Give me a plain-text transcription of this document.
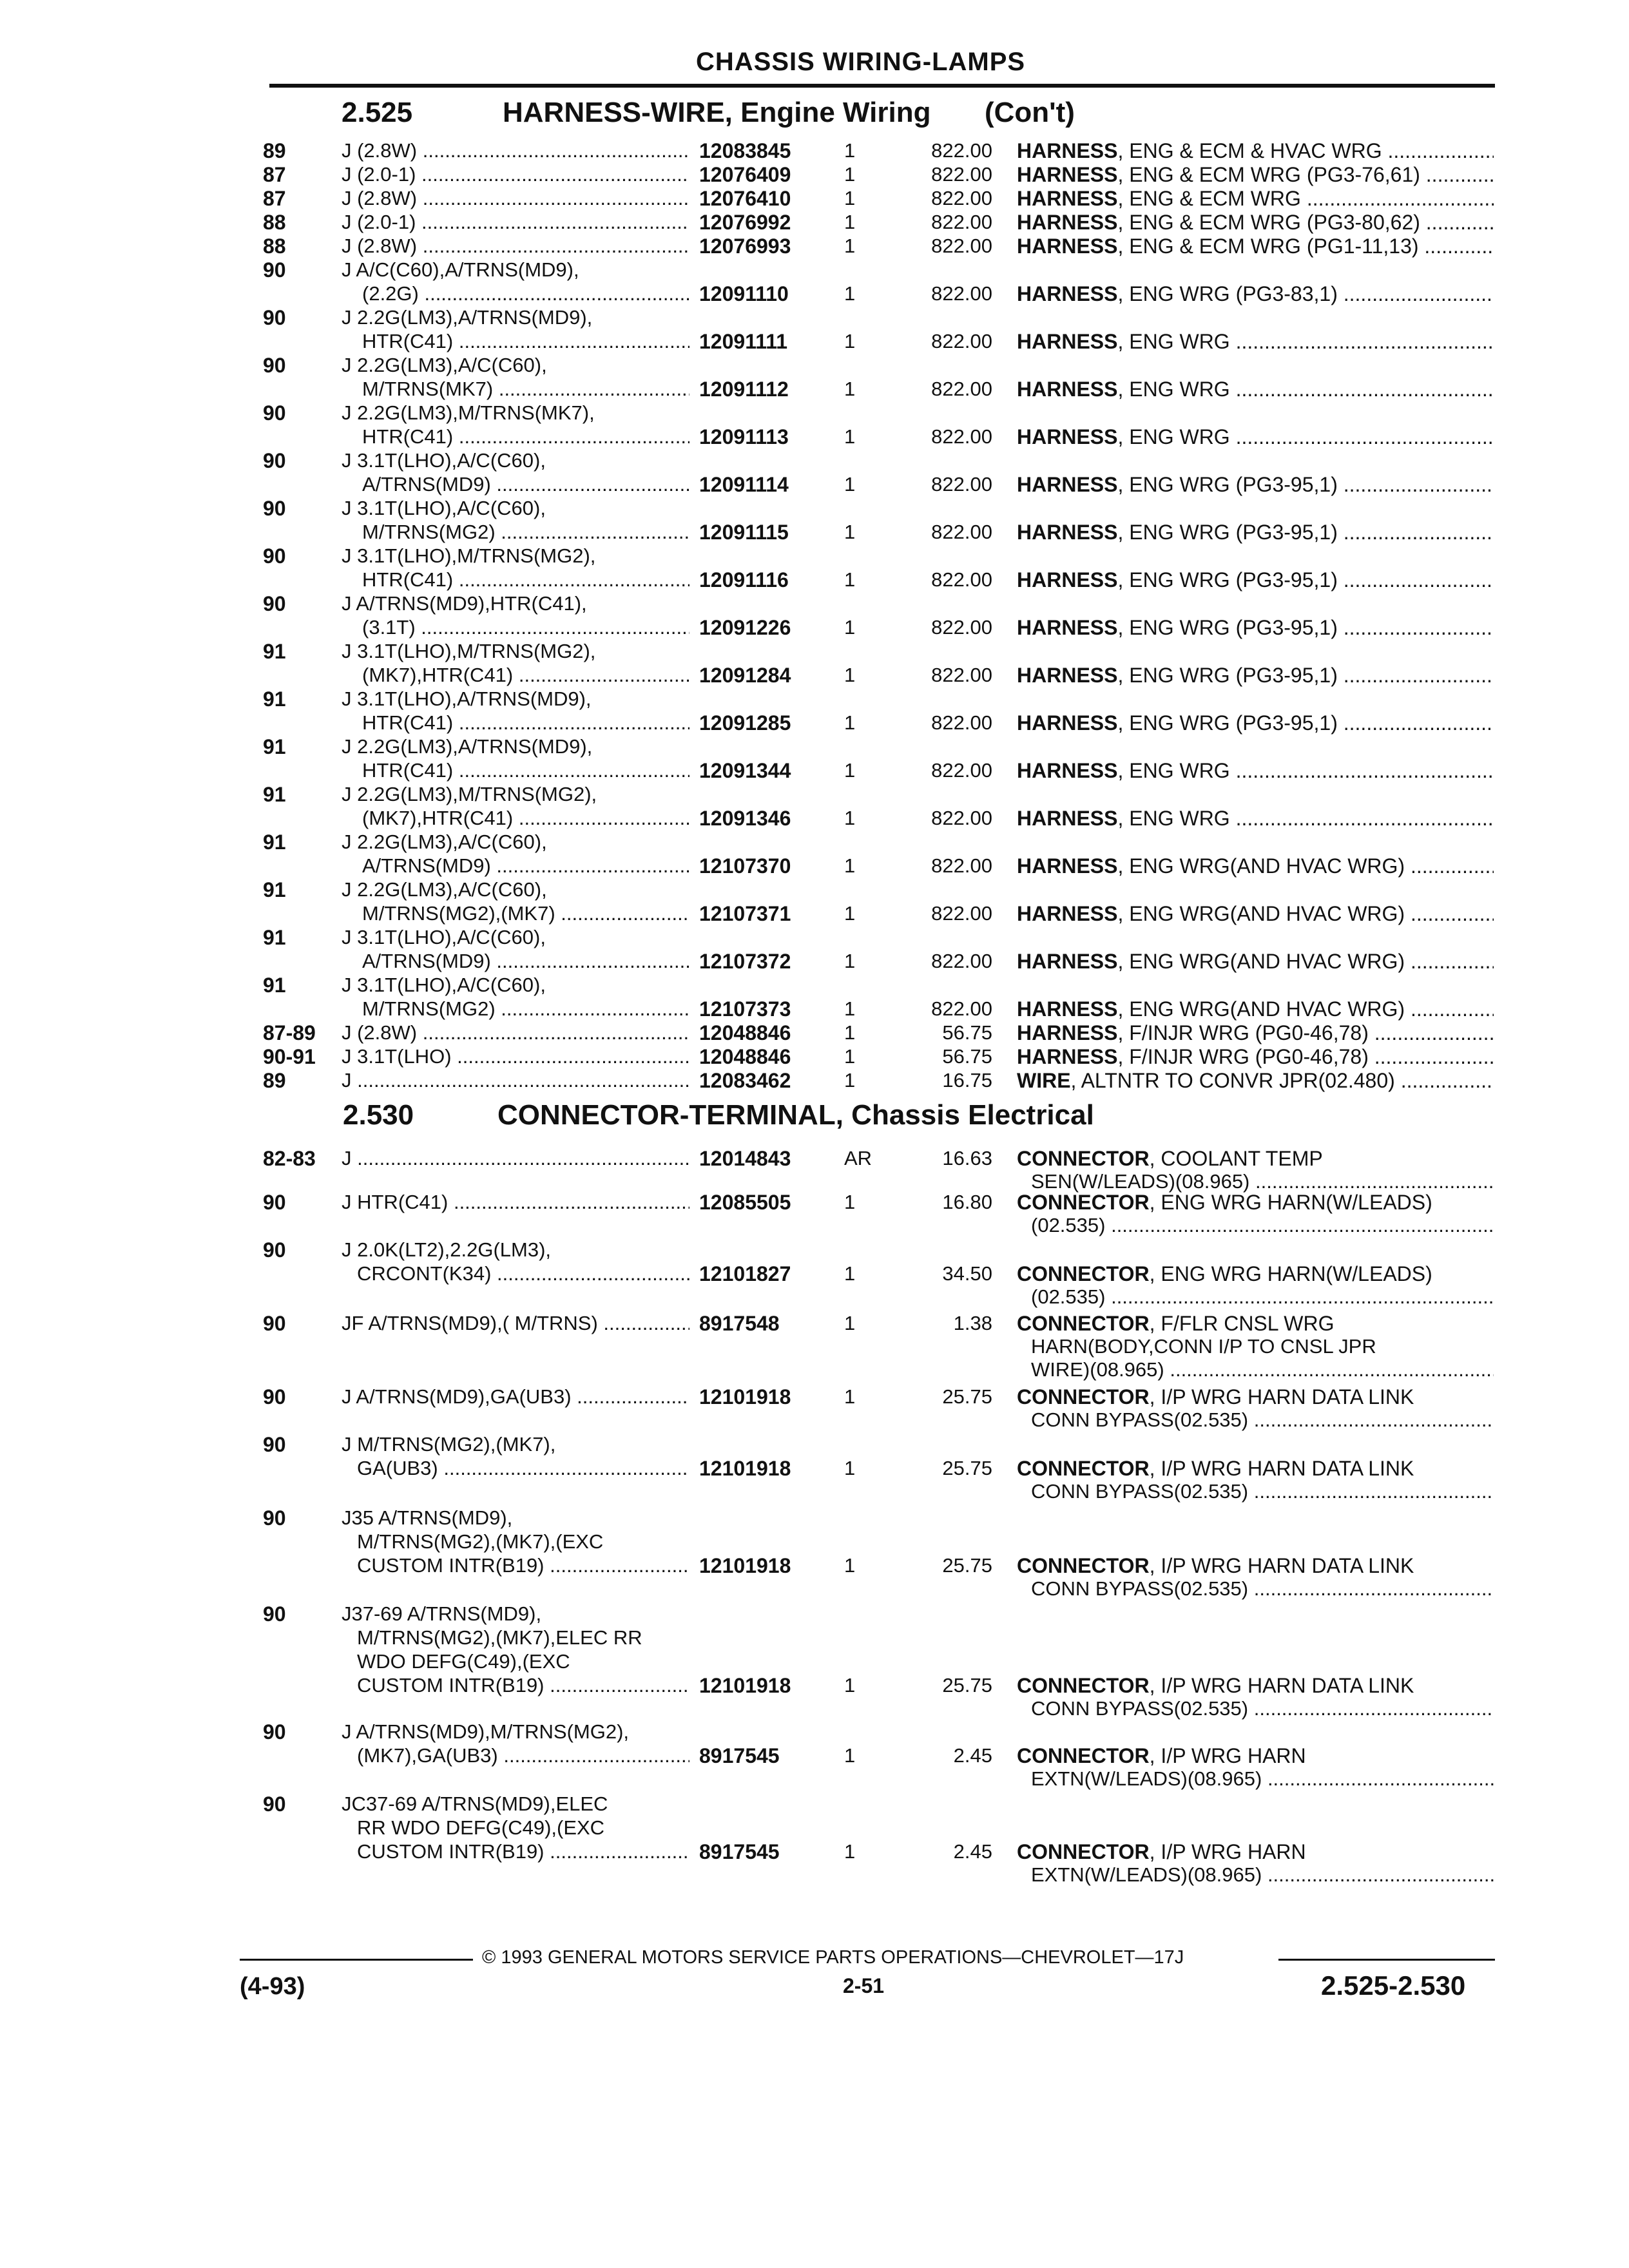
CHASSIS WIRING-LAMPS
2.525	HARNESS-WIRE, Engine Wiring (Con't)
89	J (2.8W) .....	12083845	1	822.00 HARNESS, ENG & ECM & HVAC WRG .....
87	J (2.0-1) .....	12076409	1	822.00 HARNESS, ENG & ECM WRG (PG3-76,61) .....
87	J (2.8W) .....	12076410	1	822.00 HARNESS, ENG & ECM WRG .....
88	J (2.0-1) .....	12076992	1	822.00 HARNESS, ENG & ECM WRG (PG3-80,62) .....
88	J (2.8W) .....	12076993	1	822.00 HARNESS, ENG & ECM WRG (PG1-11,13) .....
90	J A/C(C60),A/TRNS(MD9),
(2.2G) .....	12091110	1	822.00 HARNESS, ENG WRG (PG3-83,1) .....
90	J 2.2G(LM3),A/TRNS(MD9),
HTR(C41) .....	12091111	1	822.00 HARNESS, ENG WRG .....
90	J 2.2G(LM3),A/C(C60),
M/TRNS(MK7) .....	12091112	1	822.00 HARNESS, ENG WRG .....
90	J 2.2G(LM3),M/TRNS(MK7),
HTR(C41) .....	12091113	1	822.00 HARNESS, ENG WRG .....
90	J 3.1T(LHO),A/C(C60),
A/TRNS(MD9) .....	12091114	1	822.00 HARNESS, ENG WRG (PG3-95,1) .....
90	J 3.1T(LHO),A/C(C60),
M/TRNS(MG2) .....	12091115	1	822.00 HARNESS, ENG WRG (PG3-95,1) .....
90	J 3.1T(LHO),M/TRNS(MG2),
HTR(C41) .....	12091116	1	822.00 HARNESS, ENG WRG (PG3-95,1) .....
90	J A/TRNS(MD9),HTR(C41),
(3.1T) .....	12091226	1	822.00 HARNESS, ENG WRG (PG3-95,1) .....
91	J 3.1T(LHO),M/TRNS(MG2),
(MK7),HTR(C41) .....	12091284	1	822.00 HARNESS, ENG WRG (PG3-95,1) .....
91	J 3.1T(LHO),A/TRNS(MD9),
HTR(C41) .....	12091285	1	822.00 HARNESS, ENG WRG (PG3-95,1) .....
91	J 2.2G(LM3),A/TRNS(MD9),
HTR(C41) .....	12091344	1	822.00 HARNESS, ENG WRG .....
91	J 2.2G(LM3),M/TRNS(MG2),
(MK7),HTR(C41) .....	12091346	1	822.00 HARNESS, ENG WRG .....
91	J 2.2G(LM3),A/C(C60),
A/TRNS(MD9) .....	12107370	1	822.00 HARNESS, ENG WRG(AND HVAC WRG) .....
91	J 2.2G(LM3),A/C(C60),
M/TRNS(MG2),(MK7) .....	12107371	1	822.00 HARNESS, ENG WRG(AND HVAC WRG) .....
91	J 3.1T(LHO),A/C(C60),
A/TRNS(MD9) .....	12107372	1	822.00 HARNESS, ENG WRG(AND HVAC WRG) .....
91	J 3.1T(LHO),A/C(C60),
M/TRNS(MG2) .....	12107373	1	822.00 HARNESS, ENG WRG(AND HVAC WRG) .....
87-89 J (2.8W) .....	12048846	1	56.75 HARNESS, F/INJR WRG (PG0-46,78) .....
90-91 J 3.1T(LHO) .....	12048846	1	56.75 HARNESS, F/INJR WRG (PG0-46,78) .....
89	J .....	12083462	1	16.75 WIRE, ALTNTR TO CONVR JPR(02.480) .....
2.530	CONNECTOR-TERMINAL, Chassis Electrical
82-83 J .....	12014843	AR	16.63 CONNECTOR, COOLANT TEMP
SEN(W/LEADS)(08.965) .....
90	J HTR(C41) .....	12085505	1	16.80 CONNECTOR, ENG WRG HARN(W/LEADS)
(02.535) .....
90	J 2.0K(LT2),2.2G(LM3),
CRCONT(K34) .....	12101827	1	34.50 CONNECTOR, ENG WRG HARN(W/LEADS)
(02.535) .....
90	JF A/TRNS(MD9),( M/TRNS) .....	8917548	1	1.38 CONNECTOR, F/FLR CNSL WRG
HARN(BODY,CONN I/P TO CNSL JPR
WIRE)(08.965) .....
90	J A/TRNS(MD9),GA(UB3) .....	12101918	1	25.75 CONNECTOR, I/P WRG HARN DATA LINK
CONN BYPASS(02.535) .....
90	J M/TRNS(MG2),(MK7),
GA(UB3) .....	12101918	1	25.75 CONNECTOR, I/P WRG HARN DATA LINK
CONN BYPASS(02.535) .....
90	J35 A/TRNS(MD9),
M/TRNS(MG2),(MK7),(EXC
CUSTOM INTR(B19) .....	12101918	1	25.75 CONNECTOR, I/P WRG HARN DATA LINK
CONN BYPASS(02.535) .....
90	J37-69 A/TRNS(MD9),
M/TRNS(MG2),(MK7),ELEC RR
WDO DEFG(C49),(EXC
CUSTOM INTR(B19) .....	12101918	1	25.75 CONNECTOR, I/P WRG HARN DATA LINK
CONN BYPASS(02.535) .....
90	J A/TRNS(MD9),M/TRNS(MG2),
(MK7),GA(UB3) .....	8917545	1	2.45 CONNECTOR, I/P WRG HARN
EXTN(W/LEADS)(08.965) .....
90	JC37-69 A/TRNS(MD9),ELEC
RR WDO DEFG(C49),(EXC
CUSTOM INTR(B19) .....	8917545	1	2.45 CONNECTOR, I/P WRG HARN
EXTN(W/LEADS)(08.965) .....
© 1993 GENERAL MOTORS SERVICE PARTS OPERATIONS—CHEVROLET—17J
(4-93)	2-51	2.525-2.530
